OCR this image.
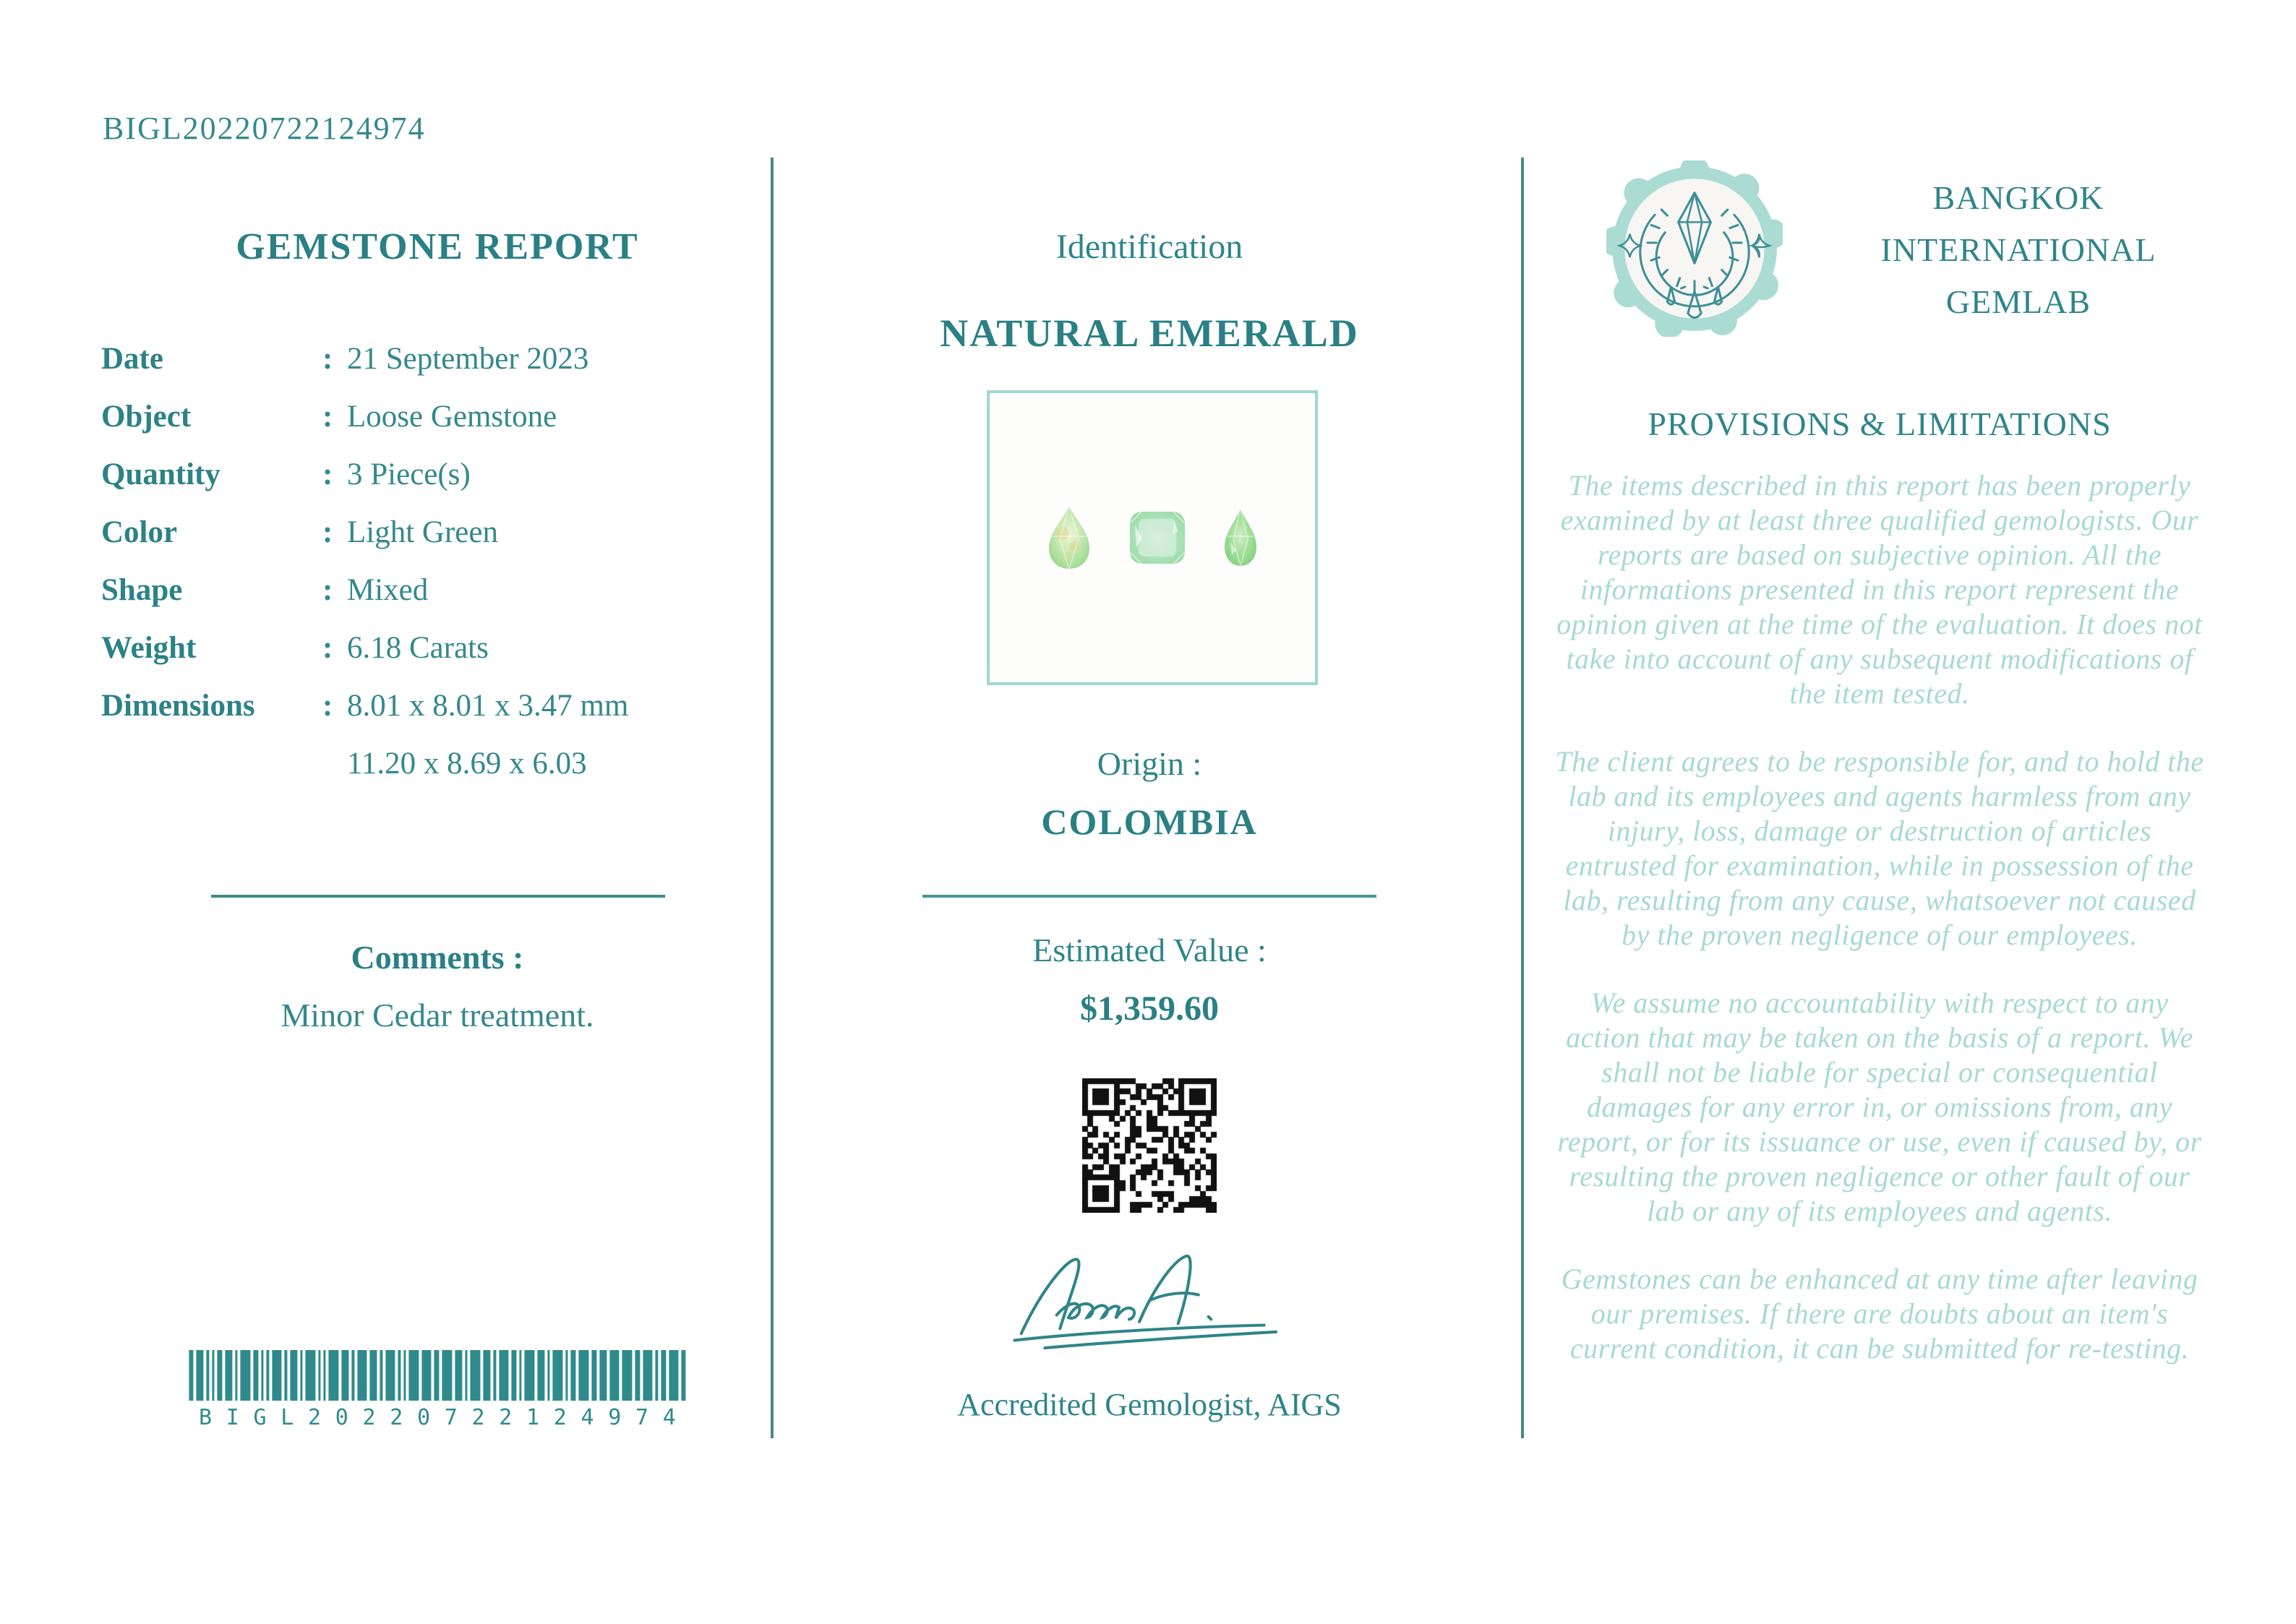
BIGL20220722124974
GEMSTONE REPORT
Date	: 21 September 2023
Object	: Loose Gemstone
Quantity	: 3 Piece(s)
Color	: Light Green
Shape	: Mixed
Weight	: 6.18 Carats
Dimensions	: 8.01 x 8.01 x 3.47 mm
11.20 x 8.69 x 6.03
Comments :
Minor Cedar treatment.
B I G L 2 0 2 2 0 7 2 2 1 2 4 9 7 4
Identification
NATURAL EMERALD
Origin :
COLOMBIA
Estimated Value :
$1,359.60
Accredited Gemologist, AIGS
BANGKOK INTERNATIONAL GEMLAB
PROVISIONS & LIMITATIONS

The items described in this report has been properly examined by at least three qualified gemologists. Our reports are based on subjective opinion. All the informations presented in this report represent the opinion given at the time of the evaluation. It does not take into account of any subsequent modifications of the item tested.

The client agrees to be responsible for, and to hold the lab and its employees and agents harmless from any injury, loss, damage or destruction of articles entrusted for examination, while in possession of the lab, resulting from any cause, whatsoever not caused by the proven negligence of our employees.

We assume no accountability with respect to any action that may be taken on the basis of a report. We shall not be liable for special or consequential damages for any error in, or omissions from, any report, or for its issuance or use, even if caused by, or resulting the proven negligence or other fault of our lab or any of its employees and agents.

Gemstones can be enhanced at any time after leaving our premises. If there are doubts about an item's current condition, it can be submitted for re-testing.
